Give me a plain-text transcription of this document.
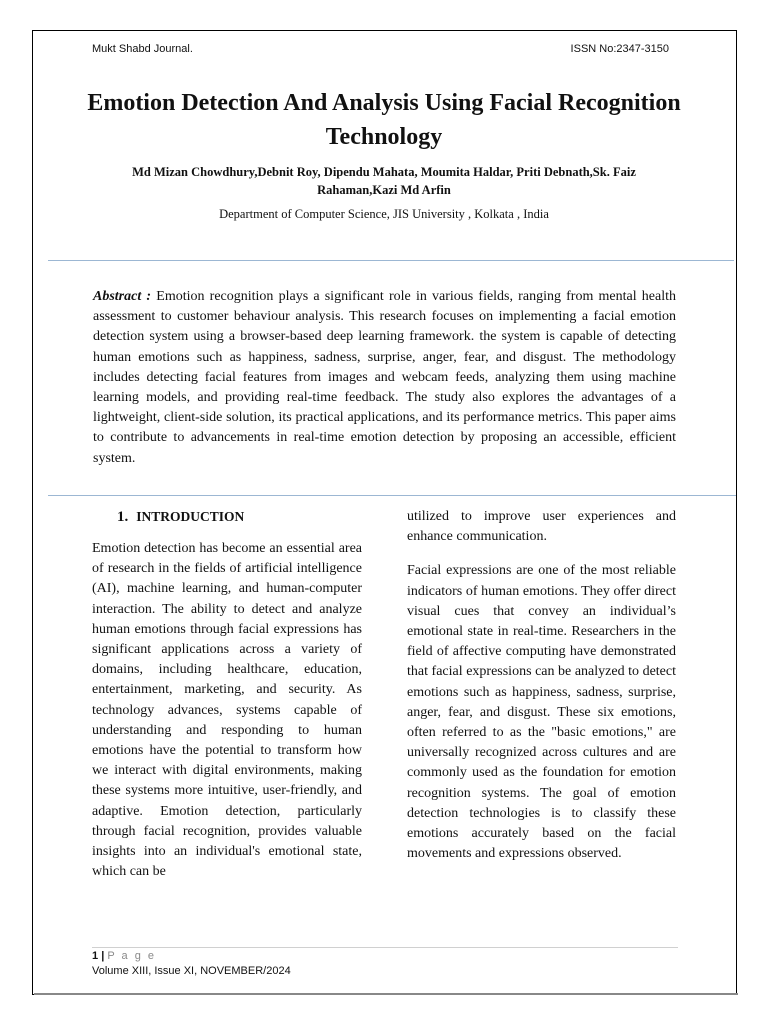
Mukt Shabd Journal.	ISSN No:2347-3150
Emotion Detection And Analysis Using Facial Recognition Technology
Md Mizan Chowdhury,Debnit Roy, Dipendu Mahata, Moumita Haldar, Priti Debnath,Sk. Faiz Rahaman,Kazi Md Arfin
Department of Computer Science, JIS University , Kolkata , India
Abstract : Emotion recognition plays a significant role in various fields, ranging from mental health assessment to customer behaviour analysis. This research focuses on implementing a facial emotion detection system using a browser-based deep learning framework. the system is capable of detecting human emotions such as happiness, sadness, surprise, anger, fear, and disgust. The methodology includes detecting facial features from images and webcam feeds, analyzing them using machine learning models, and providing real-time feedback. The study also explores the advantages of a lightweight, client-side solution, its practical applications, and its performance metrics. This paper aims to contribute to advancements in real-time emotion detection by proposing an accessible, efficient system.
1. INTRODUCTION

Emotion detection has become an essential area of research in the fields of artificial intelligence (AI), machine learning, and human-computer interaction. The ability to detect and analyze human emotions through facial expressions has significant applications across a variety of domains, including healthcare, education, entertainment, marketing, and security. As technology advances, systems capable of understanding and responding to human emotions have the potential to transform how we interact with digital environments, making these systems more intuitive, user-friendly, and adaptive. Emotion detection, particularly through facial recognition, provides valuable insights into an individual's emotional state, which can be

utilized to improve user experiences and enhance communication.

Facial expressions are one of the most reliable indicators of human emotions. They offer direct visual cues that convey an individual’s emotional state in real-time. Researchers in the field of affective computing have demonstrated that facial expressions can be analyzed to detect emotions such as happiness, sadness, surprise, anger, fear, and disgust. These six emotions, often referred to as the "basic emotions," are universally recognized across cultures and are commonly used as the foundation for emotion recognition systems. The goal of emotion detection technologies is to classify these emotions accurately based on the facial movements and expressions observed.

1 | P a g e
Volume XIII, Issue XI, NOVEMBER/2024
